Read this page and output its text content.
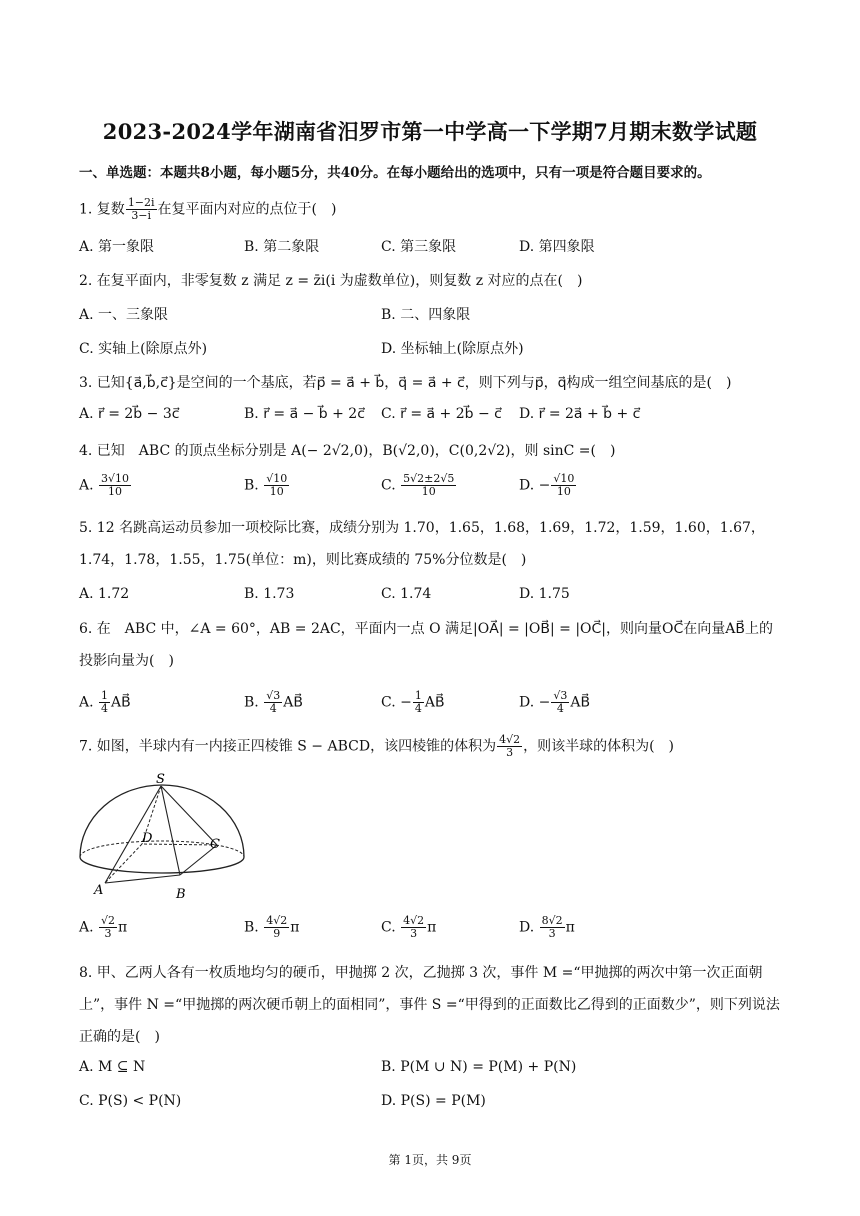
2023-2024学年湖南省汨罗市第一中学高一下学期7月期末数学试题
一、单选题：本题共8小题，每小题5分，共40分。在每小题给出的选项中，只有一项是符合题目要求的。
1. 复数 $\frac{1-2i}{3-i}$ 在复平面内对应的点位于(　)
A. 第一象限	B. 第二象限	C. 第三象限	D. 第四象限
2. 在复平面内，非零复数 z 满足 z = z̄i(i 为虚数单位)，则复数 z 对应的点在(　)
A. 一、三象限	B. 二、四象限
C. 实轴上(除原点外)	D. 坐标轴上(除原点外)
3. 已知{a⃗,b⃗,c⃗}是空间的一个基底，若p⃗ = a⃗ + b⃗，q⃗ = a⃗ + c⃗，则下列与p⃗，q⃗构成一组空间基底的是(　)
A. r⃗ = 2b⃗ − 3c⃗	B. r⃗ = a⃗ − b⃗ + 2c⃗ C. r⃗ = a⃗ + 2b⃗ − c⃗ D. r⃗ = 2a⃗ + b⃗ + c⃗
4. 已知　ABC 的顶点坐标分别是 A(− 2√2,0)，B(√2,0)，C(0,2√2)，则 sinC =(　)
A. $\frac{3√10}{10}$	B. $\frac{√10}{10}$	C. $\frac{5√2\pm 2√5}{10}$	D. − $\frac{√10}{10}$
5. 12 名跳高运动员参加一项校际比赛，成绩分别为 1.70，1.65，1.68，1.69，1.72，1.59，1.60，1.67，1.74，1.78，1.55，1.75(单位：m)，则比赛成绩的 75%分位数是(　)
A. 1.72	B. 1.73	C. 1.74	D. 1.75
6. 在　ABC 中，∠A = 60°，AB = 2AC，平面内一点 O 满足|OA⃗| = |OB⃗| = |OC⃗|，则向量OC⃗在向量AB⃗上的投影向量为(　)
A. $\frac{1}{4}$ AB⃗	B. $\frac{√3}{4}$ AB⃗	C. − $\frac{1}{4}$ AB⃗	D. − $\frac{√3}{4}$ AB⃗
7. 如图，半球内有一内接正四棱锥 S − ABCD，该四棱锥的体积为 $\frac{4√2}{3}$ ，则该半球的体积为(　)
S
A	B
C
D
A. $\frac{√2}{3}$ π	B. $\frac{4√2}{9}$ π	C. $\frac{4√2}{3}$ π	D. $\frac{8√2}{3}$ π
8. 甲、乙两人各有一枚质地均匀的硬币，甲抛掷 2 次，乙抛掷 3 次，事件 M =“甲抛掷的两次中第一次正面朝上”，事件 N =“甲抛掷的两次硬币朝上的面相同”，事件 S =“甲得到的正面数比乙得到的正面数少”，则下列说法正确的是(　)
A. M ⊆ N	B. P(M ∪ N) = P(M) + P(N)
C. P(S) < P(N)	D. P(S) = P(M)
第 1页，共 9页
